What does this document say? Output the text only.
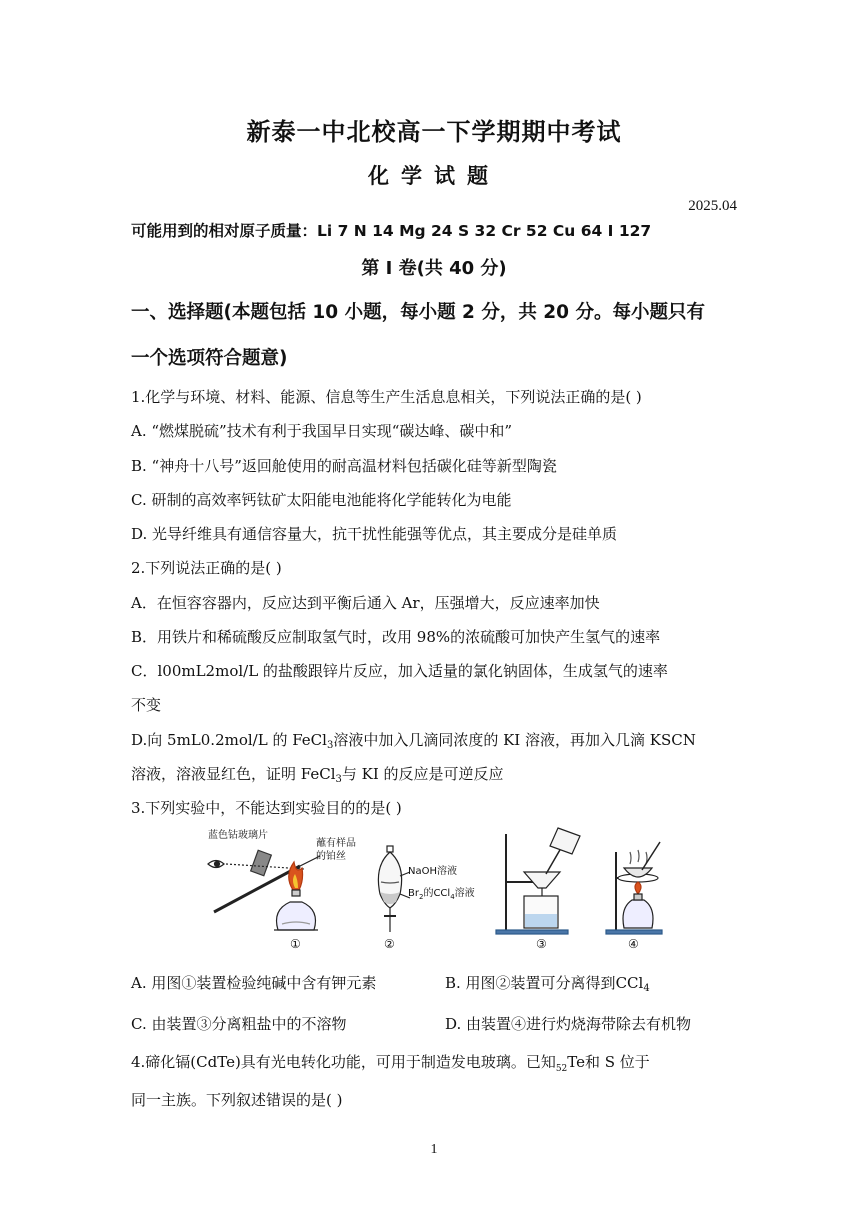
新泰一中北校高一下学期期中考试
化学试题
2025.04
可能用到的相对原子质量：Li 7 N 14 Mg 24 S 32 Cr 52 Cu 64 I 127
第 I 卷(共 40 分)
一、选择题(本题包括 10 小题，每小题 2 分，共 20 分。每小题只有
一个选项符合题意)
1.化学与环境、材料、能源、信息等生产生活息息相关，下列说法正确的是( )
A. “燃煤脱硫”技术有利于我国早日实现“碳达峰、碳中和”
B. “神舟十八号”返回舱使用的耐高温材料包括碳化硅等新型陶瓷
C. 研制的高效率钙钛矿太阳能电池能将化学能转化为电能
D. 光导纤维具有通信容量大，抗干扰性能强等优点，其主要成分是硅单质
2.下列说法正确的是( )
A．在恒容容器内，反应达到平衡后通入 Ar，压强增大，反应速率加快
B．用铁片和稀硫酸反应制取氢气时，改用 98%的浓硫酸可加快产生氢气的速率
C．l00mL2mol/L 的盐酸跟锌片反应，加入适量的氯化钠固体，生成氢气的速率
不变
D.向 5mL0.2mol/L 的 FeCl$_3$溶液中加入几滴同浓度的 KI 溶液，再加入几滴 KSCN
溶液，溶液显红色，证明 FeCl$_3$与 KI 的反应是可逆反应
3.下列实验中，不能达到实验目的的是( )
蓝色钴玻璃片
蘸有样品
的铂丝
①
NaOH溶液
$Br_2$的CCl$_4$溶液
②	③	④
A. 用图①装置检验纯碱中含有钾元素	B. 用图②装置可分离得到CCl$_4$
C. 由装置③分离粗盐中的不溶物	D. 由装置④进行灼烧海带除去有机物
4.碲化镉(CdTe)具有光电转化功能，可用于制造发电玻璃。已知$_{52}$Te和 S 位于
同一主族。下列叙述错误的是( )
1
